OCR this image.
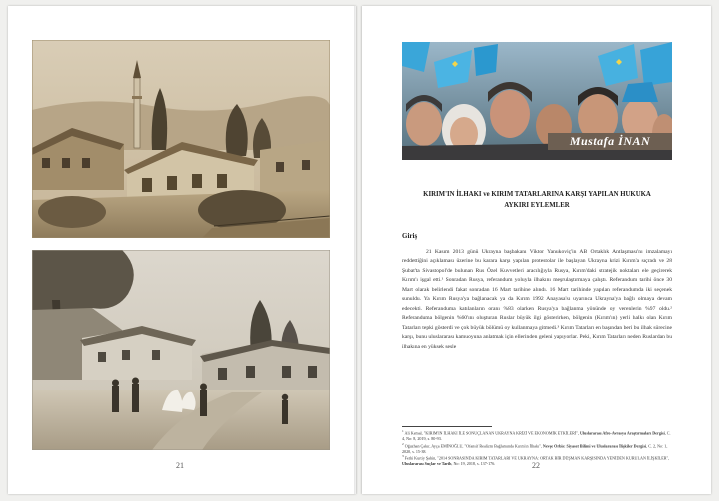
21
Mustafa İNAN
KIRIM'IN İLHAKI ve KIRIM TATARLARINA KARŞI YAPILAN HUKUKA
AYKIRI EYLEMLER
Giriş
21 Kasım 2013 günü Ukrayna başbakanı Viktor Yanukoviç'in AB Ortaklık Antlaşması'nı imzalamayı reddettiğini açıklaması üzerine bu karara karşı yapılan protestolar ile başlayan Ukrayna krizi Kırım'a sıçradı ve 28 Şubat'ta Sivastopol'de bulunan Rus Özel Kuvvetleri aracılığıyla Rusya, Kırım'daki stratejik noktaları ele geçirerek Kırım'ı işgal etti.¹ Sonradan Rusya, referandum yoluyla ilhakını meşrulaştırmaya çalıştı. Referandum tarihi önce 30 Mart olarak belirlendi fakat sonradan 16 Mart tarihine alındı. 16 Mart tarihinde yapılan referandumda iki seçenek sunuldu. Ya Kırım Rusya'ya bağlanacak ya da Kırım 1992 Anayasa'sı uyarınca Ukrayna'ya bağlı olmaya devam edecekti. Referanduma katılanların oranı %83 olarken Rusya'ya bağlanma yönünde oy verenlerin %97 oldu.² Referanduma bölgenin %60'ını oluşturan Ruslar büyük ilgi gösterirken, bölgenin (Kırım'ın) yerli halkı olan Kırım Tatarları tepki gösterdi ve çok büyük bölümü oy kullanmaya gitmedi.³ Kırım Tatarları en başından beri bu ilhak sürecine karşı, bunu uluslararası kamuoyuna anlatmak için ellerinden geleni yapıyorlar. Peki, Kırım Tatarları neden Ruslardan bu ilhakına en yüksek sesle

$^1$ Ali Kemal, "KIRIM'IN İLHAKI İLE SONUÇLANAN UKRAYNA KRİZİ VE EKONOMİK ETKİLERİ", Uluslararası Afro-Avrasya Araştırmaları Dergisi, C. 4, No: 8, 2019, s. 80-93.

$^2$ Oğuzhan Çakır, Ayça EMİNOĞLU, "Ofansif Realizm Bağlamında Kırım'ın İlhakı", Nevşe Orbis: Siyaset Bilimi ve Uluslararası İlişkiler Dergisi, C. 2, No: 1, 2020, s. 15-38.

$^3$ Fethi Kurtiy Şahin, "2014 SONRASINDA KIRIM TATARLARI VE UKRAYNA: ORTAK BİR DÜŞMAN KARŞISINDA YENİDEN KURULAN İLİŞKİLER", Uluslararası Suçlar ve Tarih, No: 19, 2018, s. 137-176.	22
